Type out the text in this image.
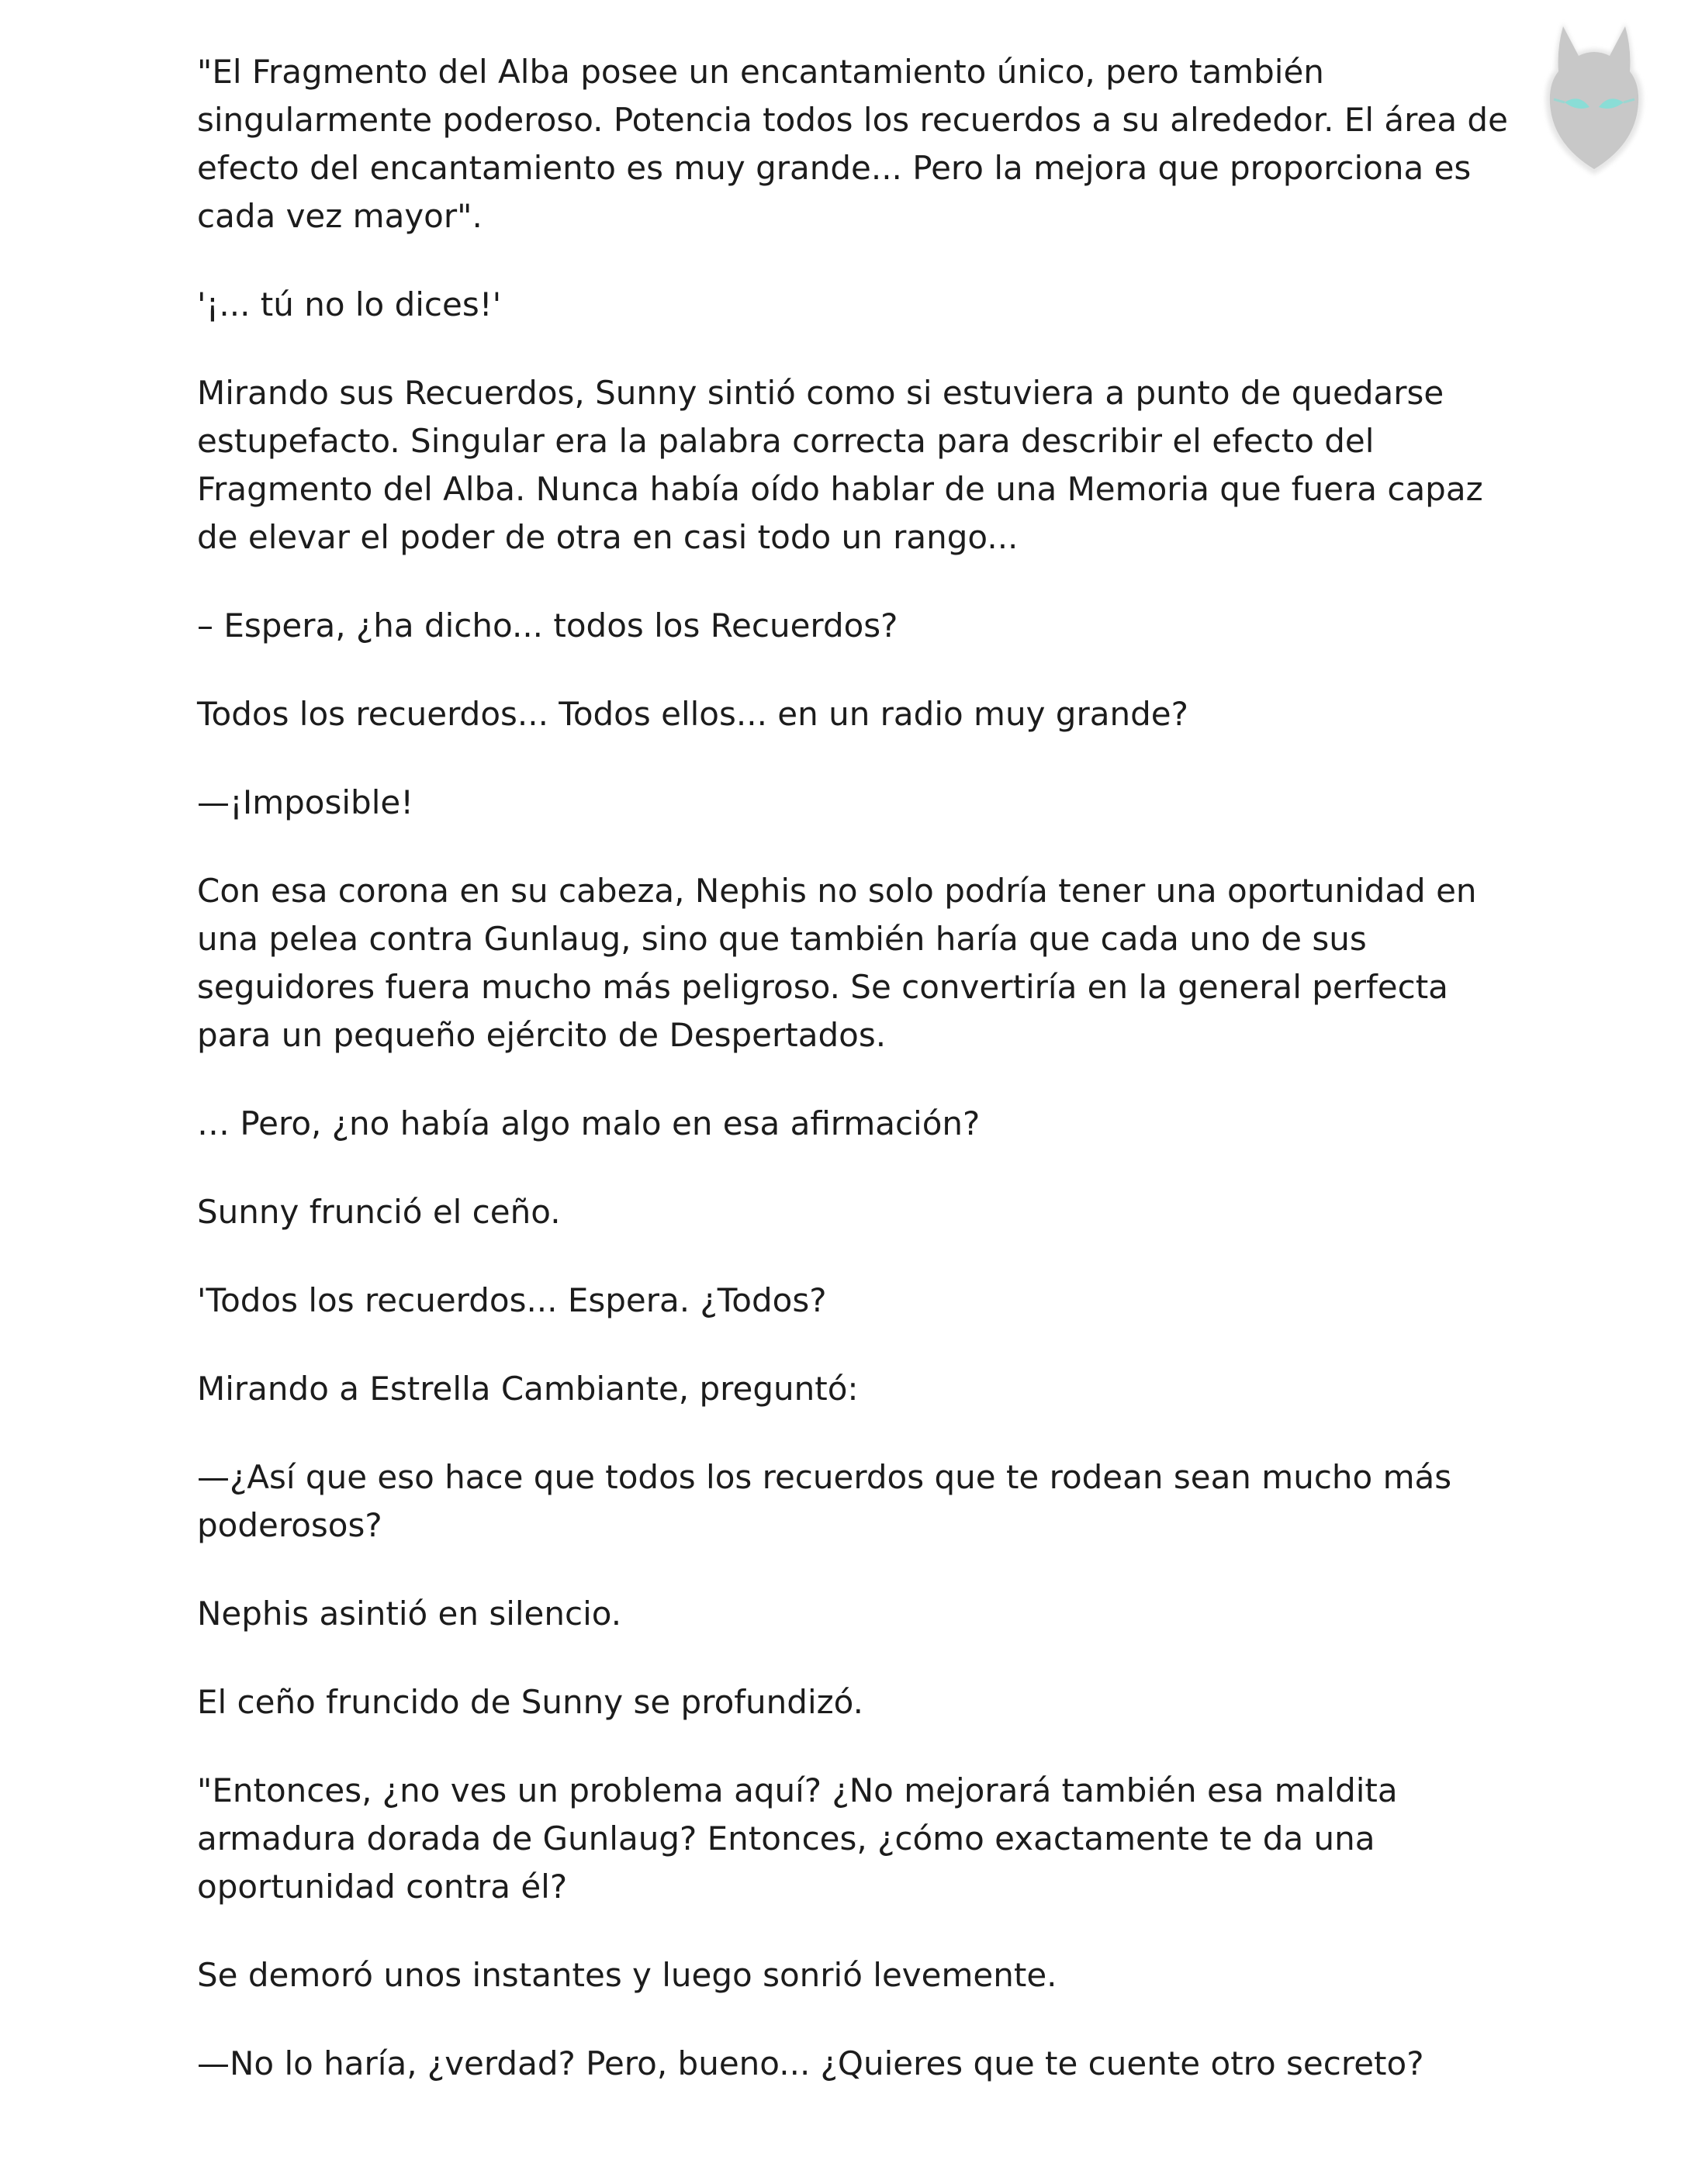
"El Fragmento del Alba posee un encantamiento único, pero también singularmente poderoso. Potencia todos los recuerdos a su alrededor. El área de efecto del encantamiento es muy grande... Pero la mejora que proporciona es cada vez mayor".

'¡... tú no lo dices!'

Mirando sus Recuerdos, Sunny sintió como si estuviera a punto de quedarse estupefacto. Singular era la palabra correcta para describir el efecto del Fragmento del Alba. Nunca había oído hablar de una Memoria que fuera capaz de elevar el poder de otra en casi todo un rango...

– Espera, ¿ha dicho... todos los Recuerdos?

Todos los recuerdos... Todos ellos... en un radio muy grande?

—¡Imposible!

Con esa corona en su cabeza, Nephis no solo podría tener una oportunidad en una pelea contra Gunlaug, sino que también haría que cada uno de sus seguidores fuera mucho más peligroso. Se convertiría en la general perfecta para un pequeño ejército de Despertados.

… Pero, ¿no había algo malo en esa afirmación?

Sunny frunció el ceño.

'Todos los recuerdos... Espera. ¿Todos?

Mirando a Estrella Cambiante, preguntó:

—¿Así que eso hace que todos los recuerdos que te rodean sean mucho más poderosos?

Nephis asintió en silencio.

El ceño fruncido de Sunny se profundizó.

"Entonces, ¿no ves un problema aquí? ¿No mejorará también esa maldita armadura dorada de Gunlaug? Entonces, ¿cómo exactamente te da una oportunidad contra él?

Se demoró unos instantes y luego sonrió levemente.

—No lo haría, ¿verdad? Pero, bueno... ¿Quieres que te cuente otro secreto?
